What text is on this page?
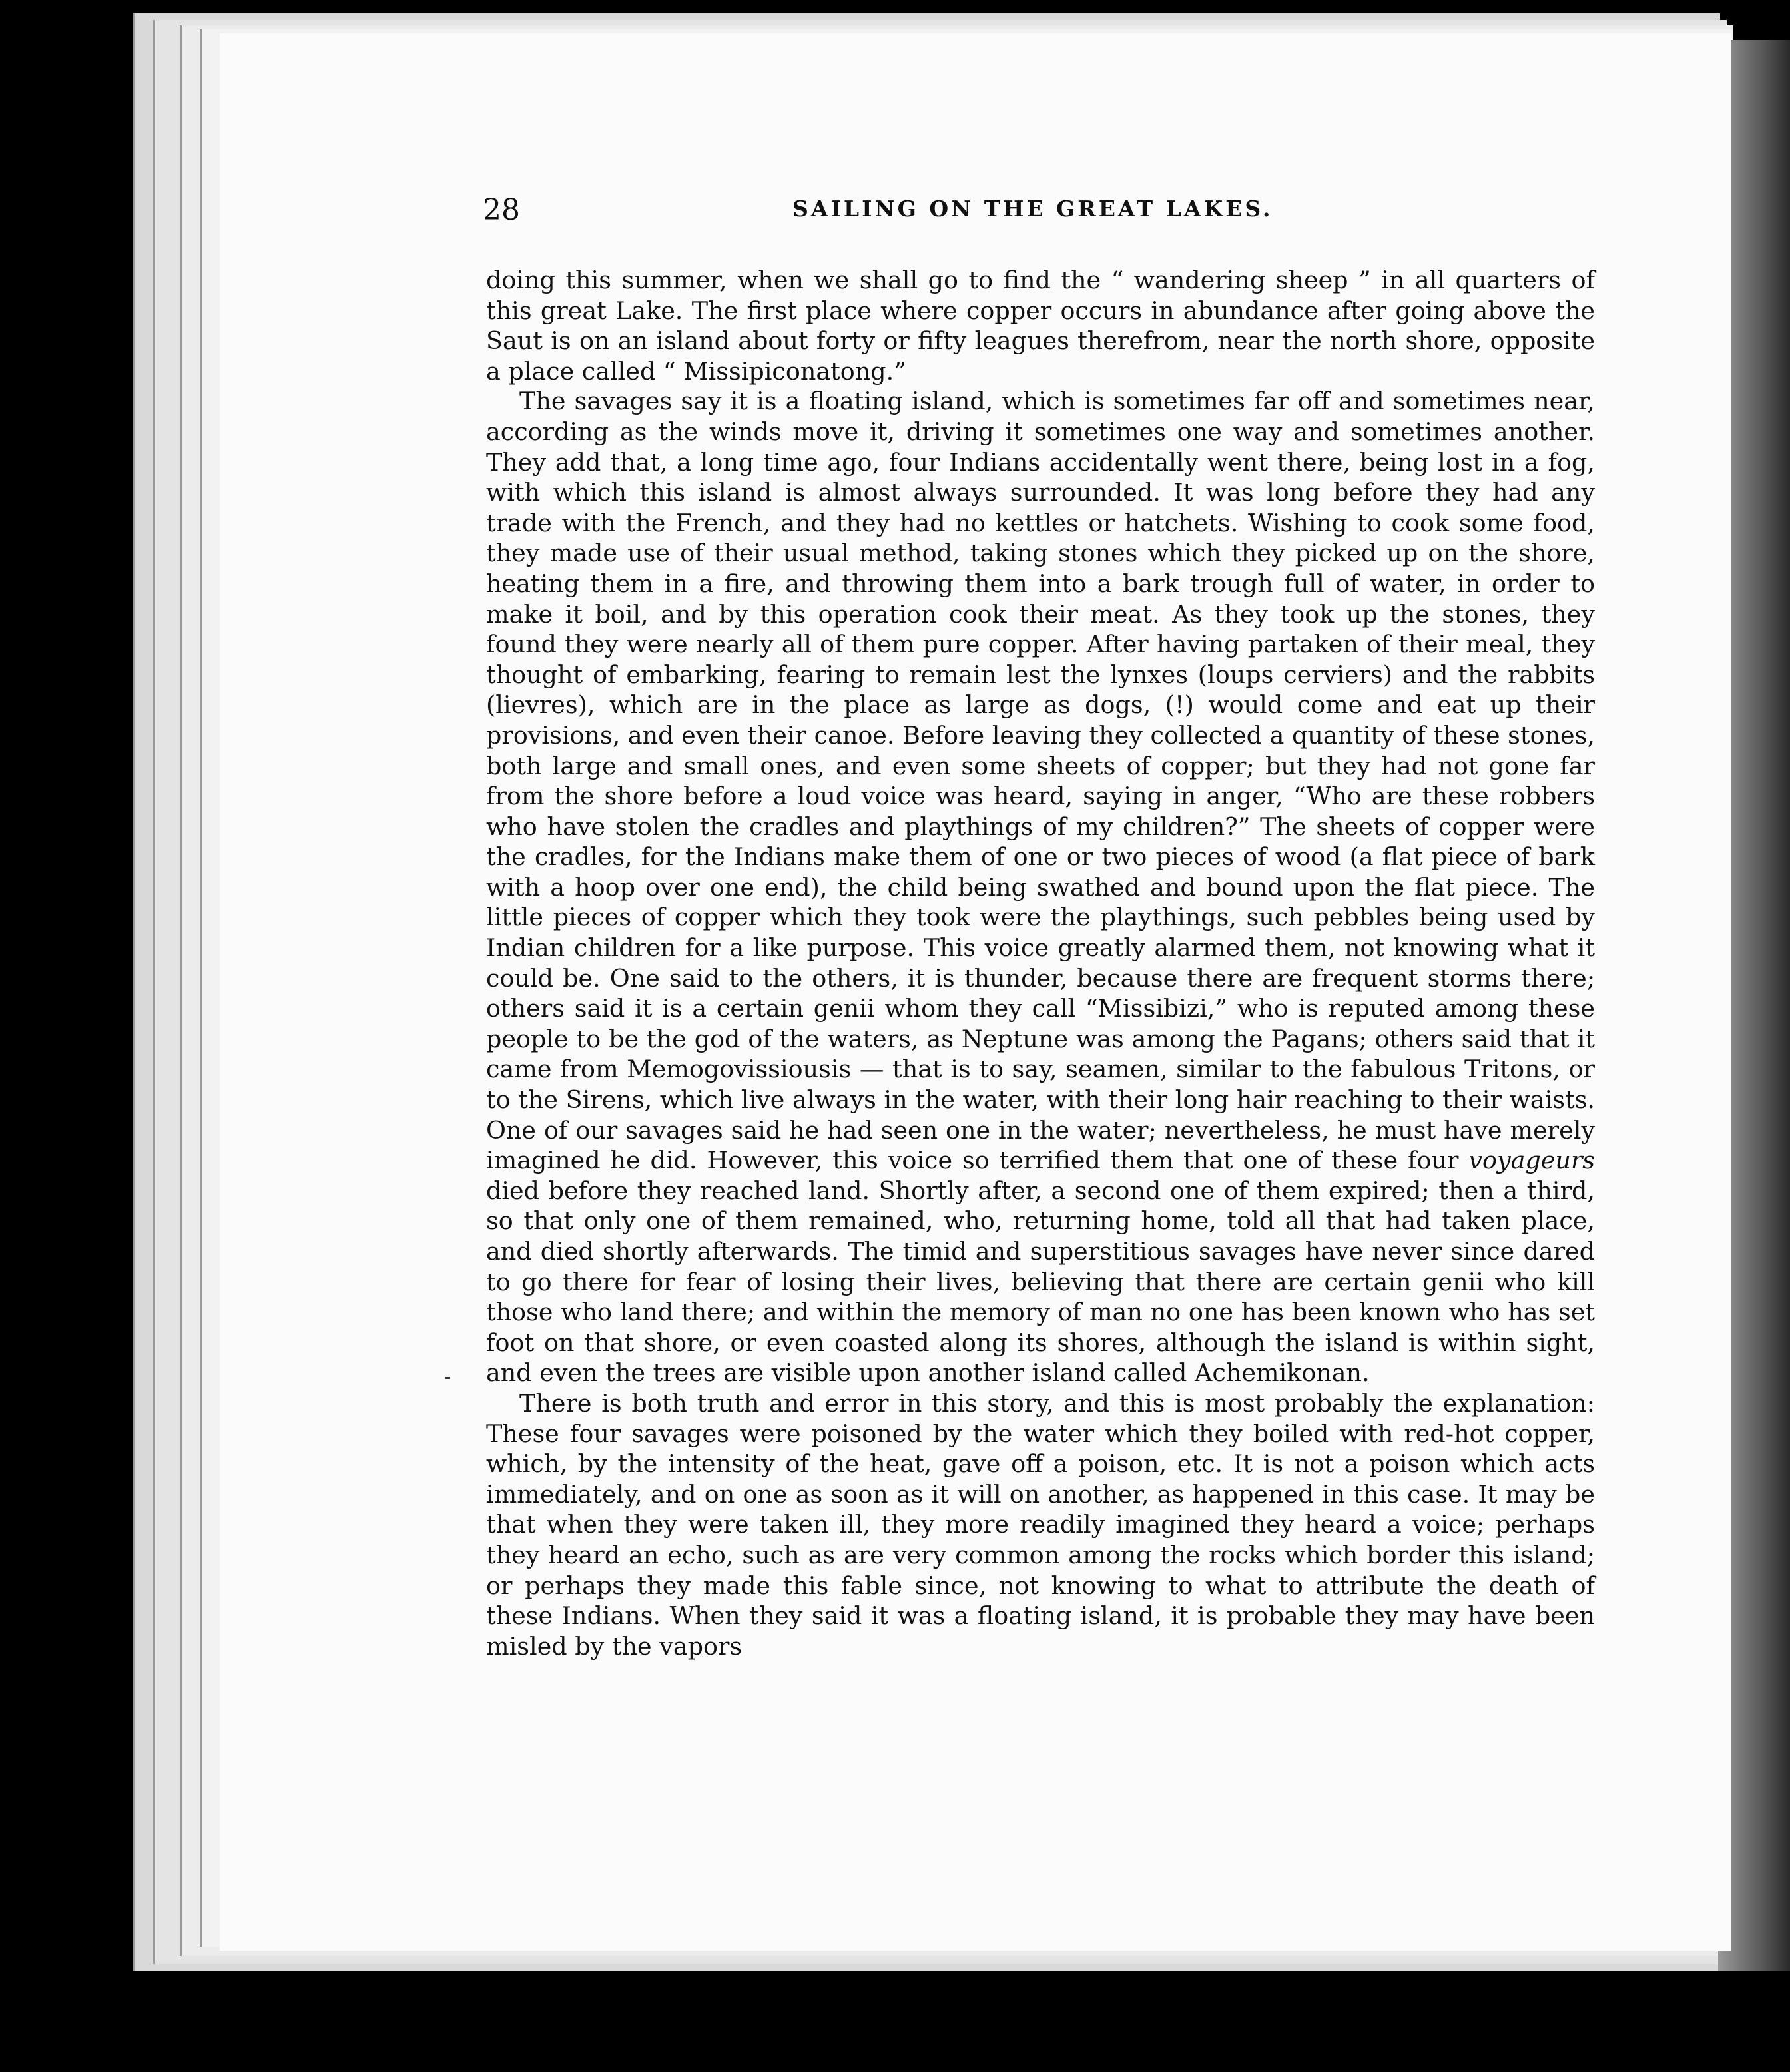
28	SAILING ON THE GREAT LAKES.

doing this summer, when we shall go to find the “ wandering sheep ” in all quarters of this great Lake. The first place where copper occurs in abundance after going above the Saut is on an island about forty or fifty leagues therefrom, near the north shore, opposite a place called “ Missipiconatong.”

The savages say it is a floating island, which is sometimes far off and sometimes near, according as the winds move it, driving it sometimes one way and sometimes another. They add that, a long time ago, four Indians accidentally went there, being lost in a fog, with which this island is almost always surrounded. It was long before they had any trade with the French, and they had no kettles or hatchets. Wishing to cook some food, they made use of their usual method, taking stones which they picked up on the shore, heating them in a fire, and throwing them into a bark trough full of water, in order to make it boil, and by this operation cook their meat. As they took up the stones, they found they were nearly all of them pure copper. After having partaken of their meal, they thought of embarking, fearing to remain lest the lynxes (loups cerviers) and the rabbits (lievres), which are in the place as large as dogs, (!) would come and eat up their provisions, and even their canoe. Before leaving they collected a quantity of these stones, both large and small ones, and even some sheets of copper; but they had not gone far from the shore before a loud voice was heard, saying in anger, “Who are these robbers who have stolen the cradles and playthings of my children?” The sheets of copper were the cradles, for the Indians make them of one or two pieces of wood (a flat piece of bark with a hoop over one end), the child being swathed and bound upon the flat piece. The little pieces of copper which they took were the playthings, such pebbles being used by Indian children for a like purpose. This voice greatly alarmed them, not knowing what it could be. One said to the others, it is thunder, because there are frequent storms there; others said it is a certain genii whom they call “Missibizi,” who is reputed among these people to be the god of the waters, as Neptune was among the Pagans; others said that it came from Memogovissiousis — that is to say, seamen, similar to the fabulous Tritons, or to the Sirens, which live always in the water, with their long hair reaching to their waists. One of our savages said he had seen one in the water; nevertheless, he must have merely imagined he did. However, this voice so terrified them that one of these four voyageurs died before they reached land. Shortly after, a second one of them expired; then a third, so that only one of them remained, who, returning home, told all that had taken place, and died shortly afterwards. The timid and superstitious savages have never since dared to go there for fear of losing their lives, believing that there are certain genii who kill those who land there; and within the memory of man no one has been known who has set foot on that shore, or even coasted along its shores, although the island is within sight, and even the trees are visible upon another island called Achemikonan.

There is both truth and error in this story, and this is most probably the explanation: These four savages were poisoned by the water which they boiled with red-hot copper, which, by the intensity of the heat, gave off a poison, etc. It is not a poison which acts immediately, and on one as soon as it will on another, as happened in this case. It may be that when they were taken ill, they more readily imagined they heard a voice; perhaps they heard an echo, such as are very common among the rocks which border this island; or perhaps they made this fable since, not knowing to what to attribute the death of these Indians. When they said it was a floating island, it is probable they may have been misled by the vapors
